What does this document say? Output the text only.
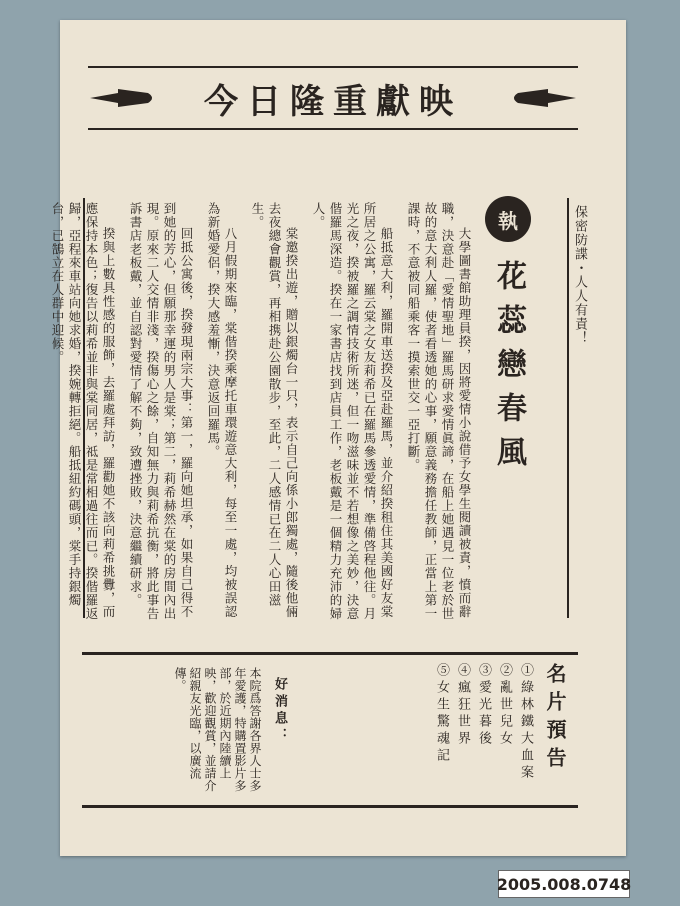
映獻重隆日今
保密防諜・人人有責！
執
花蕊戀春風

大學圖書館助理員揆，因將愛情小說借予女學生閱讀被責，憤而辭職，決意赴「愛情聖地」羅馬研求愛情眞諦，在船上她遇見一位老於世故的意大利人羅，使者看透她的心事，願意義務擔任教師，正當上第一課時，不意被同船乘客一摸索世交一亞打斷。

船抵意大利，羅開車送揆及亞赴羅馬，並介紹揆租住其美國好友棠所居之公寓，羅云棠之女友莉希已在羅馬參透愛情，準備啓程他往。月光之夜，揆被羅之調情技術所迷，但一吻滋味並不若想像之美妙，決意偕羅馬深造。揆在一家書店找到店員工作，老板戴是一個精力充沛的婦人。

棠邀揆出遊，贈以銀燭台一只，表示自己向係小郎獨處，隨後他倆去夜總會觀賞，再相携赴公園散步，至此，二人感情已在二人心田滋生。

八月假期來臨，棠偕揆乘摩托車環遊意大利，每至一處，均被誤認為新婚愛侶，揆大感羞慚，決意返回羅馬。

回抵公寓後，揆發現兩宗大事：第一，羅向她坦承，如果自己得不到她的芳心，但願那幸運的男人是棠；第二，莉希赫然在棠的房間內出現。原來二人交情非淺，揆傷心之餘，自知無力與莉希抗衡，將此事告訴書店老板戴，並自認對愛情了解不夠，致遭挫敗，決意繼續研求。

揆與上數具性感的服飾，去羅處拜訪，羅勸她不該向莉希挑釁，而應保持本色；復告以莉希並非與棠同居，祗是常相過往而已。揆偕羅返歸，亞程來車站向她求婚，揆婉轉拒絕。船抵紐約碼頭，棠手持銀燭台，已鵠立在人群中迎候。

名片預告
①綠林鐵大血案
②亂世兒女
③愛光暮後
④瘋狂世界
⑤女生驚魂記
好消息：
本院爲答謝各界人士多年愛護，特購置影片多部，於近期內陸續上映，歡迎觀賞，並請介紹親友光臨，以廣流傳。
2005.008.0748
